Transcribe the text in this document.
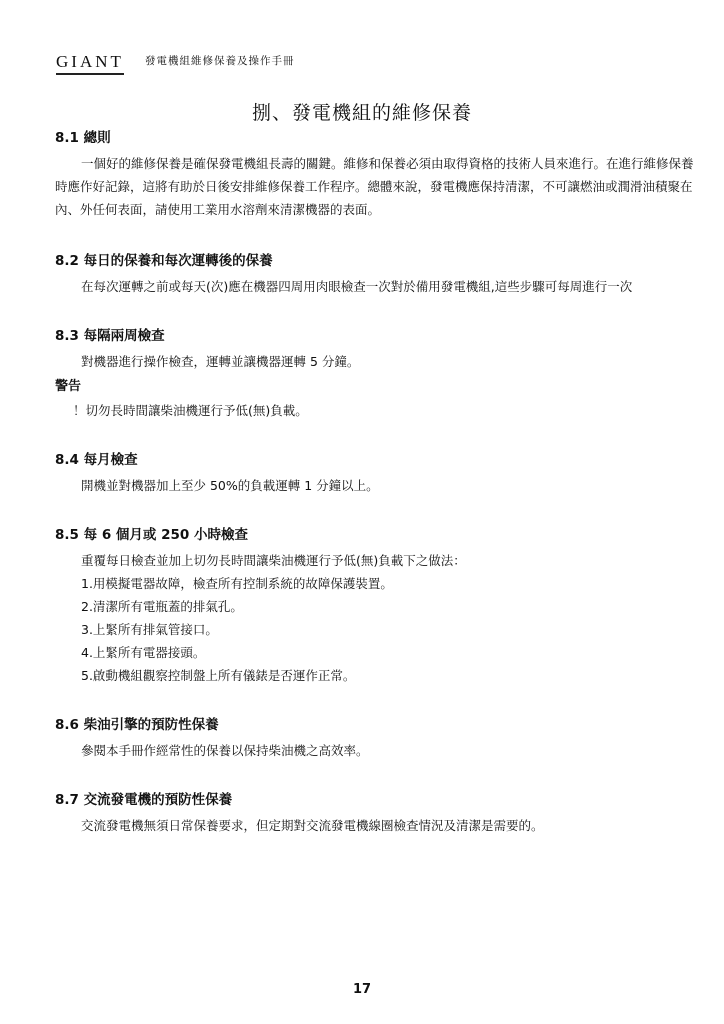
GIANT 發電機組維修保養及操作手冊
捌、發電機組的維修保養
8.1 總則

一個好的維修保養是確保發電機組長壽的關鍵。維修和保養必須由取得資格的技術人員來進行。在進行維修保養時應作好記錄，這將有助於日後安排維修保養工作程序。總體來說，發電機應保持清潔，不可讓燃油或潤滑油積聚在內、外任何表面，請使用工業用水溶劑來清潔機器的表面。

8.2 每日的保養和每次運轉後的保養

在每次運轉之前或每天(次)應在機器四周用肉眼檢查一次對於備用發電機組,這些步驟可每周進行一次

8.3 每隔兩周檢查

對機器進行操作檢查，運轉並讓機器運轉 5 分鐘。

警告

！切勿長時間讓柴油機運行予低(無)負載。

8.4 每月檢查

開機並對機器加上至少 50%的負載運轉 1 分鐘以上。

8.5 每 6 個月或 250 小時檢查

重覆每日檢查並加上切勿長時間讓柴油機運行予低(無)負載下之做法：

1.用模擬電器故障，檢查所有控制系統的故障保護裝置。

2.清潔所有電瓶蓋的排氣孔。

3.上緊所有排氣管接口。

4.上緊所有電器接頭。

5.啟動機組觀察控制盤上所有儀錶是否運作正常。

8.6 柴油引擎的預防性保養

參閱本手冊作經常性的保養以保持柴油機之高效率。

8.7 交流發電機的預防性保養

交流發電機無須日常保養要求，但定期對交流發電機線圈檢查情況及清潔是需要的。

17
